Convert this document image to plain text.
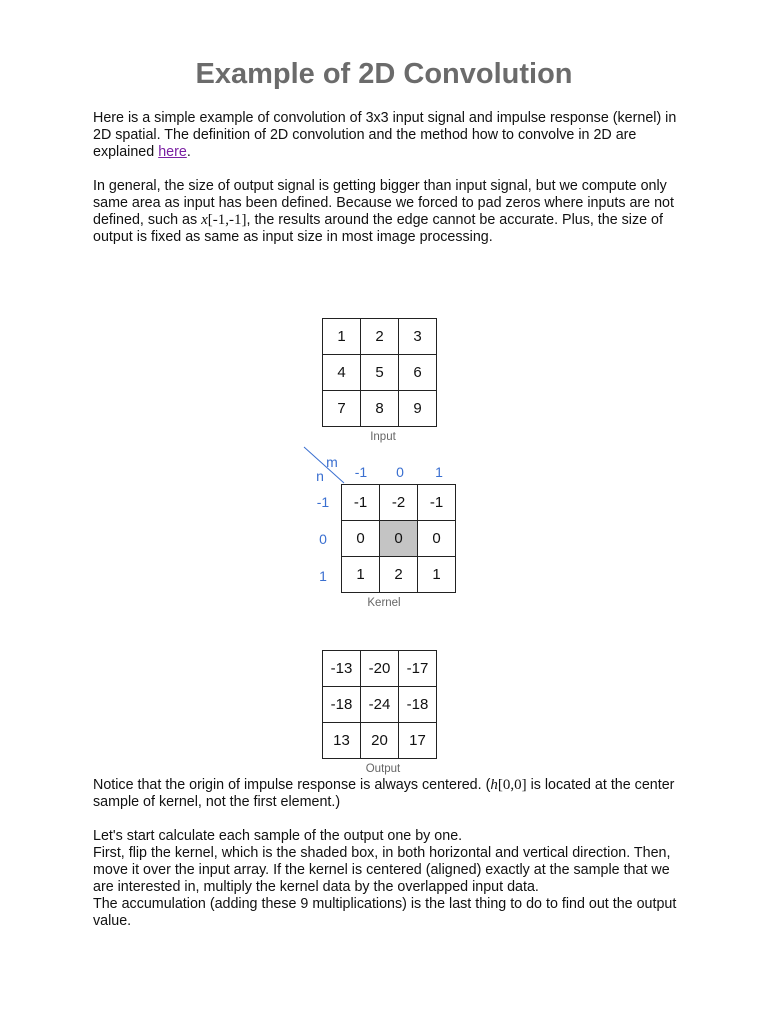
Example of 2D Convolution

Here is a simple example of convolution of 3x3 input signal and impulse response (kernel) in 2D spatial. The definition of 2D convolution and the method how to convolve in 2D are explained here.

In general, the size of output signal is getting bigger than input signal, but we compute only same area as input has been defined. Because we forced to pad zeros where inputs are not defined, such as x[-1,-1], the results around the edge cannot be accurate. Plus, the size of output is fixed as same as input size in most image processing.

1	2	3
4	5	6
7	8	9
Input
m
n	-1	0	1
-1
0
1
-1	-2	-1
0	0	0
1	2	1
Kernel
-13	-20	-17
-18	-24	-18
13	20	17
Output

Notice that the origin of impulse response is always centered. (h[0,0] is located at the center sample of kernel, not the first element.)

Let's start calculate each sample of the output one by one.
First, flip the kernel, which is the shaded box, in both horizontal and vertical direction. Then, move it over the input array. If the kernel is centered (aligned) exactly at the sample that we are interested in, multiply the kernel data by the overlapped input data.
The accumulation (adding these 9 multiplications) is the last thing to do to find out the output value.
